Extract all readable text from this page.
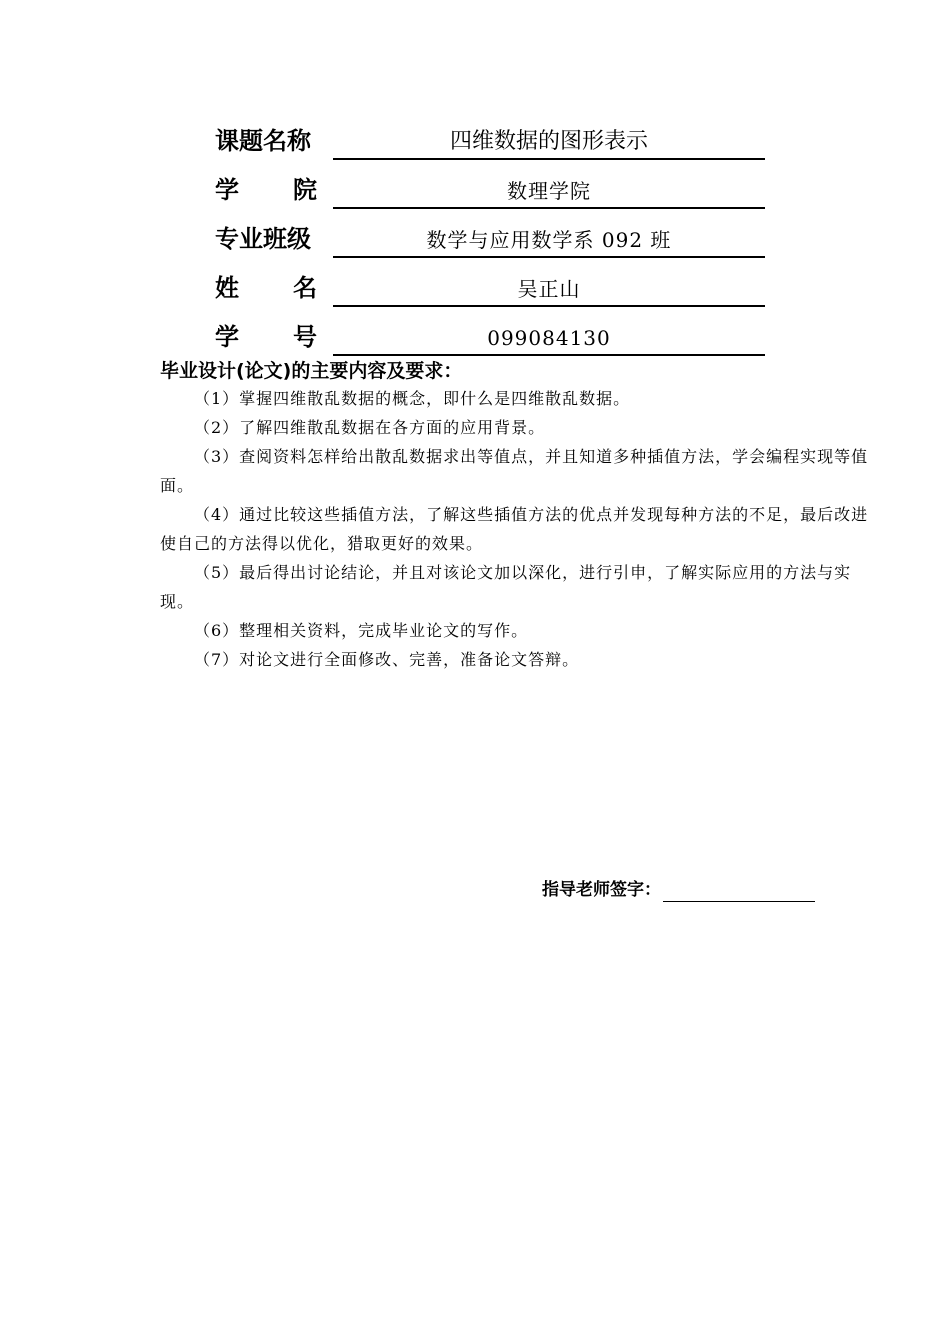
课题名称	四维数据的图形表示
学 院	数理学院
专业班级	数学与应用数学系 092 班
姓 名	吴正山
学 号	099084130
毕业设计(论文)的主要内容及要求：
（1）掌握四维散乱数据的概念，即什么是四维散乱数据。
（2）了解四维散乱数据在各方面的应用背景。
（3）查阅资料怎样给出散乱数据求出等值点，并且知道多种插值方法，学会编程实现等值面。
（4）通过比较这些插值方法，了解这些插值方法的优点并发现每种方法的不足，最后改进使自己的方法得以优化，猎取更好的效果。
（5）最后得出讨论结论，并且对该论文加以深化，进行引申，了解实际应用的方法与实现。
（6）整理相关资料，完成毕业论文的写作。
（7）对论文进行全面修改、完善，准备论文答辩。
指导老师签字：
